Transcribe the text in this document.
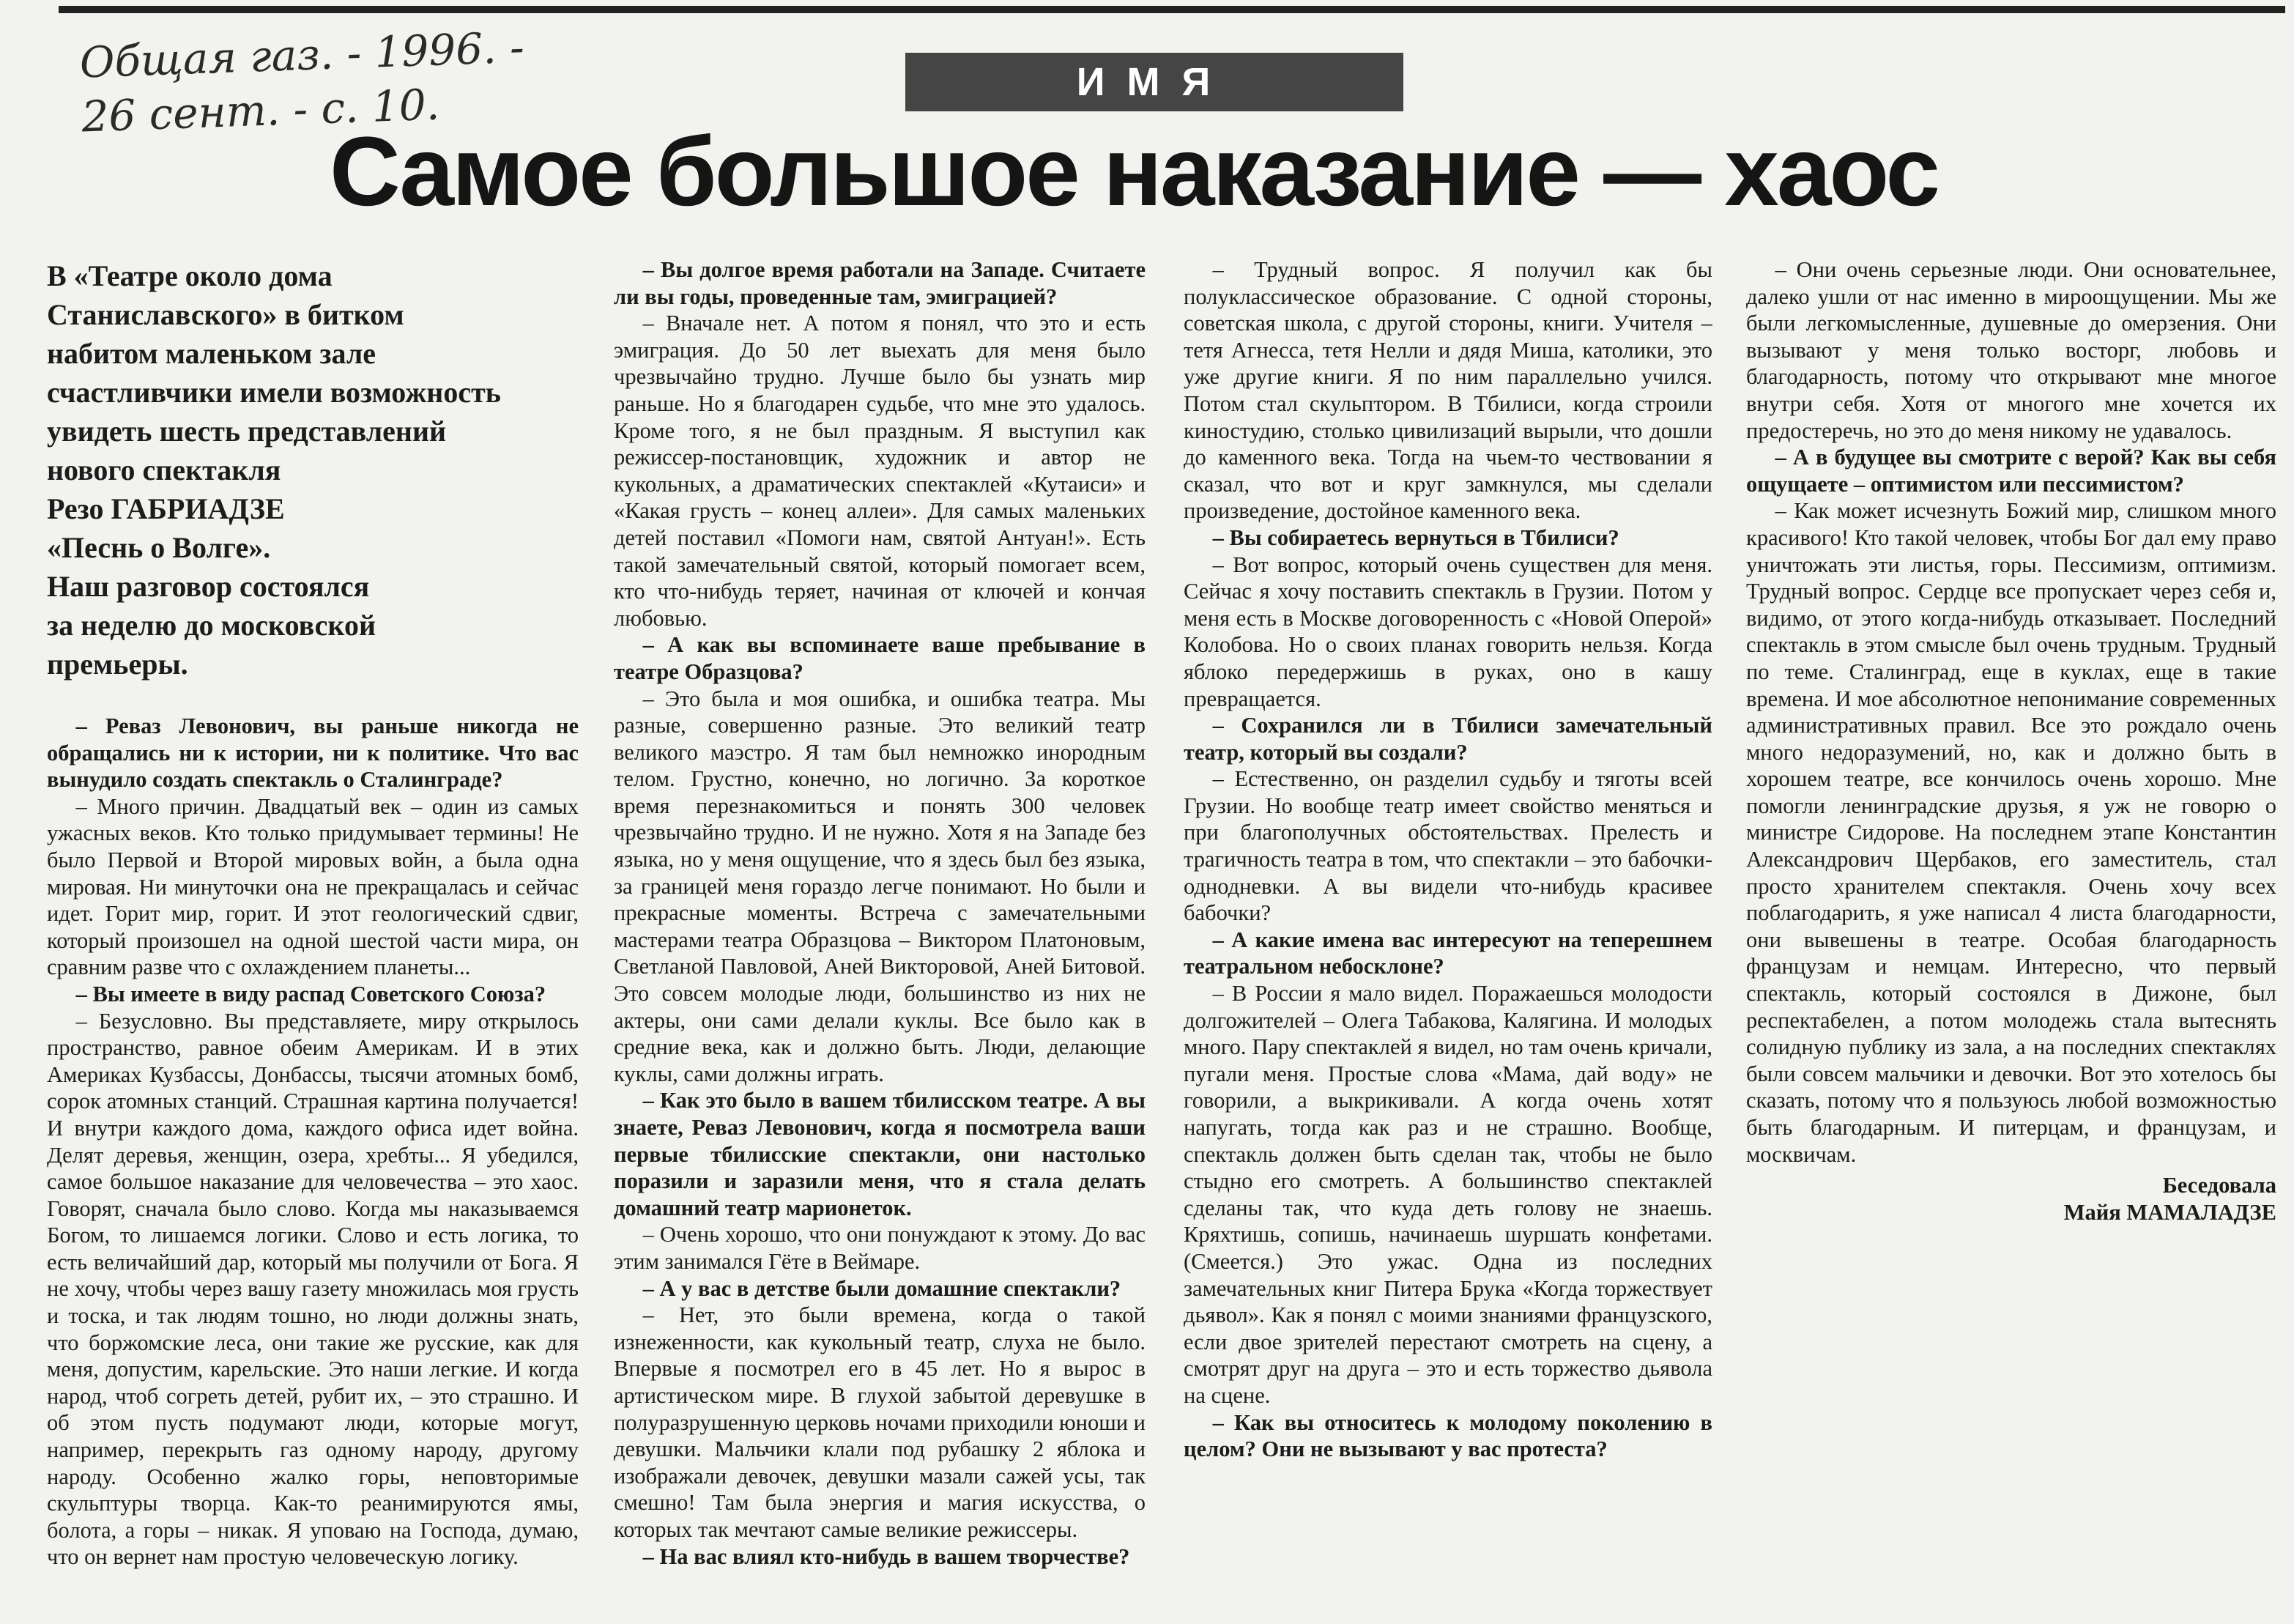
Общая газ. - 1996. -
26 сент. - с. 10.	ИМЯ
Самое большое наказание — хаос
В «Театре около дома
Станиславского» в битком
набитом маленьком зале
счастливчики имели возможность
увидеть шесть представлений
нового спектакля
Резо ГАБРИАДЗЕ
«Песнь о Волге».
Наш разговор состоялся
за неделю до московской
премьеры.

– Реваз Левонович, вы раньше никогда не обращались ни к истории, ни к политике. Что вас вынудило создать спектакль о Сталинграде?

– Много причин. Двадцатый век – один из самых ужасных веков. Кто только придумывает термины! Не было Первой и Второй мировых войн, а была одна мировая. Ни минуточки она не прекращалась и сейчас идет. Горит мир, горит. И этот геологический сдвиг, который произошел на одной шестой части мира, он сравним разве что с охлаждением планеты...

– Вы имеете в виду распад Советского Союза?

– Безусловно. Вы представляете, миру открылось пространство, равное обеим Америкам. И в этих Америках Кузбассы, Донбассы, тысячи атомных бомб, сорок атомных станций. Страшная картина получается! И внутри каждого дома, каждого офиса идет война. Делят деревья, женщин, озера, хребты... Я убедился, самое большое наказание для человечества – это хаос. Говорят, сначала было слово. Когда мы наказываемся Богом, то лишаемся логики. Слово и есть логика, то есть величайший дар, который мы получили от Бога. Я не хочу, чтобы через вашу газету множилась моя грусть и тоска, и так людям тошно, но люди должны знать, что боржомские леса, они такие же русские, как для меня, допустим, карельские. Это наши легкие. И когда народ, чтоб согреть детей, рубит их, – это страшно. И об этом пусть подумают люди, которые могут, например, перекрыть газ одному народу, другому народу. Особенно жалко горы, неповторимые скульптуры творца. Как-то реанимируются ямы, болота, а горы – никак. Я уповаю на Господа, думаю, что он вернет нам простую человеческую логику.

– Вы долгое время работали на Западе. Считаете ли вы годы, проведенные там, эмиграцией?

– Вначале нет. А потом я понял, что это и есть эмиграция. До 50 лет выехать для меня было чрезвычайно трудно. Лучше было бы узнать мир раньше. Но я благодарен судьбе, что мне это удалось. Кроме того, я не был праздным. Я выступил как режиссер-постановщик, художник и автор не кукольных, а драматических спектаклей «Кутаиси» и «Какая грусть – конец аллеи». Для самых маленьких детей поставил «Помоги нам, святой Антуан!». Есть такой замечательный святой, который помогает всем, кто что-нибудь теряет, начиная от ключей и кончая любовью.

– А как вы вспоминаете ваше пребывание в театре Образцова?

– Это была и моя ошибка, и ошибка театра. Мы разные, совершенно разные. Это великий театр великого маэстро. Я там был немножко инородным телом. Грустно, конечно, но логично. За короткое время перезнакомиться и понять 300 человек чрезвычайно трудно. И не нужно. Хотя я на Западе без языка, но у меня ощущение, что я здесь был без языка, за границей меня гораздо легче понимают. Но были и прекрасные моменты. Встреча с замечательными мастерами театра Образцова – Виктором Платоновым, Светланой Павловой, Аней Викторовой, Аней Битовой. Это совсем молодые люди, большинство из них не актеры, они сами делали куклы. Все было как в средние века, как и должно быть. Люди, делающие куклы, сами должны играть.

– Как это было в вашем тбилисском театре. А вы знаете, Реваз Левонович, когда я посмотрела ваши первые тбилисские спектакли, они настолько поразили и заразили меня, что я стала делать домашний театр марионеток.

– Очень хорошо, что они понуждают к этому. До вас этим занимался Гёте в Веймаре.

– А у вас в детстве были домашние спектакли?

– Нет, это были времена, когда о такой изнеженности, как кукольный театр, слуха не было. Впервые я посмотрел его в 45 лет. Но я вырос в артистическом мире. В глухой забытой деревушке в полуразрушенную церковь ночами приходили юноши и девушки. Мальчики клали под рубашку 2 яблока и изображали девочек, девушки мазали сажей усы, так смешно! Там была энергия и магия искусства, о которых так мечтают самые великие режиссеры.

– На вас влиял кто-нибудь в вашем творчестве?

– Трудный вопрос. Я получил как бы полуклассическое образование. С одной стороны, советская школа, с другой стороны, книги. Учителя – тетя Агнесса, тетя Нелли и дядя Миша, католики, это уже другие книги. Я по ним параллельно учился. Потом стал скульптором. В Тбилиси, когда строили киностудию, столько цивилизаций вырыли, что дошли до каменного века. Тогда на чьем-то чествовании я сказал, что вот и круг замкнулся, мы сделали произведение, достойное каменного века.

– Вы собираетесь вернуться в Тбилиси?

– Вот вопрос, который очень существен для меня. Сейчас я хочу поставить спектакль в Грузии. Потом у меня есть в Москве договоренность с «Новой Оперой» Колобова. Но о своих планах говорить нельзя. Когда яблоко передержишь в руках, оно в кашу превращается.

– Сохранился ли в Тбилиси замечательный театр, который вы создали?

– Естественно, он разделил судьбу и тяготы всей Грузии. Но вообще театр имеет свойство меняться и при благополучных обстоятельствах. Прелесть и трагичность театра в том, что спектакли – это бабочки-однодневки. А вы видели что-нибудь красивее бабочки?

– А какие имена вас интересуют на теперешнем театральном небосклоне?

– В России я мало видел. Поражаешься молодости долгожителей – Олега Табакова, Калягина. И молодых много. Пару спектаклей я видел, но там очень кричали, пугали меня. Простые слова «Мама, дай воду» не говорили, а выкрикивали. А когда очень хотят напугать, тогда как раз и не страшно. Вообще, спектакль должен быть сделан так, чтобы не было стыдно его смотреть. А большинство спектаклей сделаны так, что куда деть голову не знаешь. Кряхтишь, сопишь, начинаешь шуршать конфетами. (Смеется.) Это ужас. Одна из последних замечательных книг Питера Брука «Когда торжествует дьявол». Как я понял с моими знаниями французского, если двое зрителей перестают смотреть на сцену, а смотрят друг на друга – это и есть торжество дьявола на сцене.

– Как вы относитесь к молодому поколению в целом? Они не вызывают у вас протеста?

– Они очень серьезные люди. Они основательнее, далеко ушли от нас именно в мироощущении. Мы же были легкомысленные, душевные до омерзения. Они вызывают у меня только восторг, любовь и благодарность, потому что открывают мне многое внутри себя. Хотя от многого мне хочется их предостеречь, но это до меня никому не удавалось.

– А в будущее вы смотрите с верой? Как вы себя ощущаете – оптимистом или пессимистом?

– Как может исчезнуть Божий мир, слишком много красивого! Кто такой человек, чтобы Бог дал ему право уничтожать эти листья, горы. Пессимизм, оптимизм. Трудный вопрос. Сердце все пропускает через себя и, видимо, от этого когда-нибудь отказывает. Последний спектакль в этом смысле был очень трудным. Трудный по теме. Сталинград, еще в куклах, еще в такие времена. И мое абсолютное непонимание современных административных правил. Все это рождало очень много недоразумений, но, как и должно быть в хорошем театре, все кончилось очень хорошо. Мне помогли ленинградские друзья, я уж не говорю о министре Сидорове. На последнем этапе Константин Александрович Щербаков, его заместитель, стал просто хранителем спектакля. Очень хочу всех поблагодарить, я уже написал 4 листа благодарности, они вывешены в театре. Особая благодарность французам и немцам. Интересно, что первый спектакль, который состоялся в Дижоне, был респектабелен, а потом молодежь стала вытеснять солидную публику из зала, а на последних спектаклях были совсем мальчики и девочки. Вот это хотелось бы сказать, потому что я пользуюсь любой возможностью быть благодарным. И питерцам, и французам, и москвичам.

Беседовала
Майя МАМАЛАДЗЕ
